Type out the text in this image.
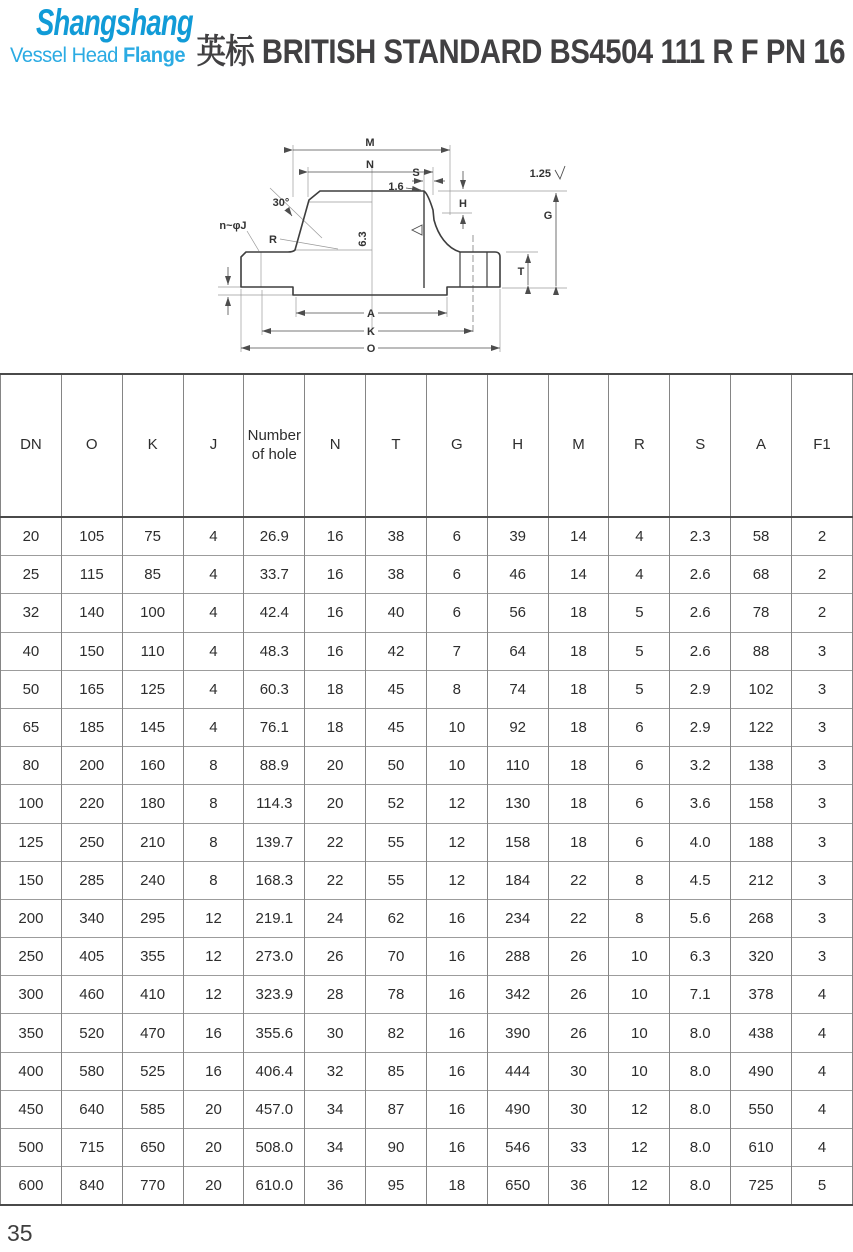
Shangshang
Vessel Head Flange 英标 BRITISH STANDARD BS4504 111 R F PN 16
M
N
S
1.6
30°
n~φJ
R	6.3
1.25
H
G
T
A
K
O
DN	O	K	J	Number of hole	N	T	G	H	M	R	S	A	F1
20	105	75	4	26.9	16	38	6	39	14	4	2.3	58	2
25	115	85	4	33.7	16	38	6	46	14	4	2.6	68	2
32	140	100	4	42.4	16	40	6	56	18	5	2.6	78	2
40	150	110	4	48.3	16	42	7	64	18	5	2.6	88	3
50	165	125	4	60.3	18	45	8	74	18	5	2.9	102	3
65	185	145	4	76.1	18	45	10	92	18	6	2.9	122	3
80	200	160	8	88.9	20	50	10	110	18	6	3.2	138	3
100	220	180	8	114.3	20	52	12	130	18	6	3.6	158	3
125	250	210	8	139.7	22	55	12	158	18	6	4.0	188	3
150	285	240	8	168.3	22	55	12	184	22	8	4.5	212	3
200	340	295	12	219.1	24	62	16	234	22	8	5.6	268	3
250	405	355	12	273.0	26	70	16	288	26	10	6.3	320	3
300	460	410	12	323.9	28	78	16	342	26	10	7.1	378	4
350	520	470	16	355.6	30	82	16	390	26	10	8.0	438	4
400	580	525	16	406.4	32	85	16	444	30	10	8.0	490	4
450	640	585	20	457.0	34	87	16	490	30	12	8.0	550	4
500	715	650	20	508.0	34	90	16	546	33	12	8.0	610	4
600	840	770	20	610.0	36	95	18	650	36	12	8.0	725	5
35
